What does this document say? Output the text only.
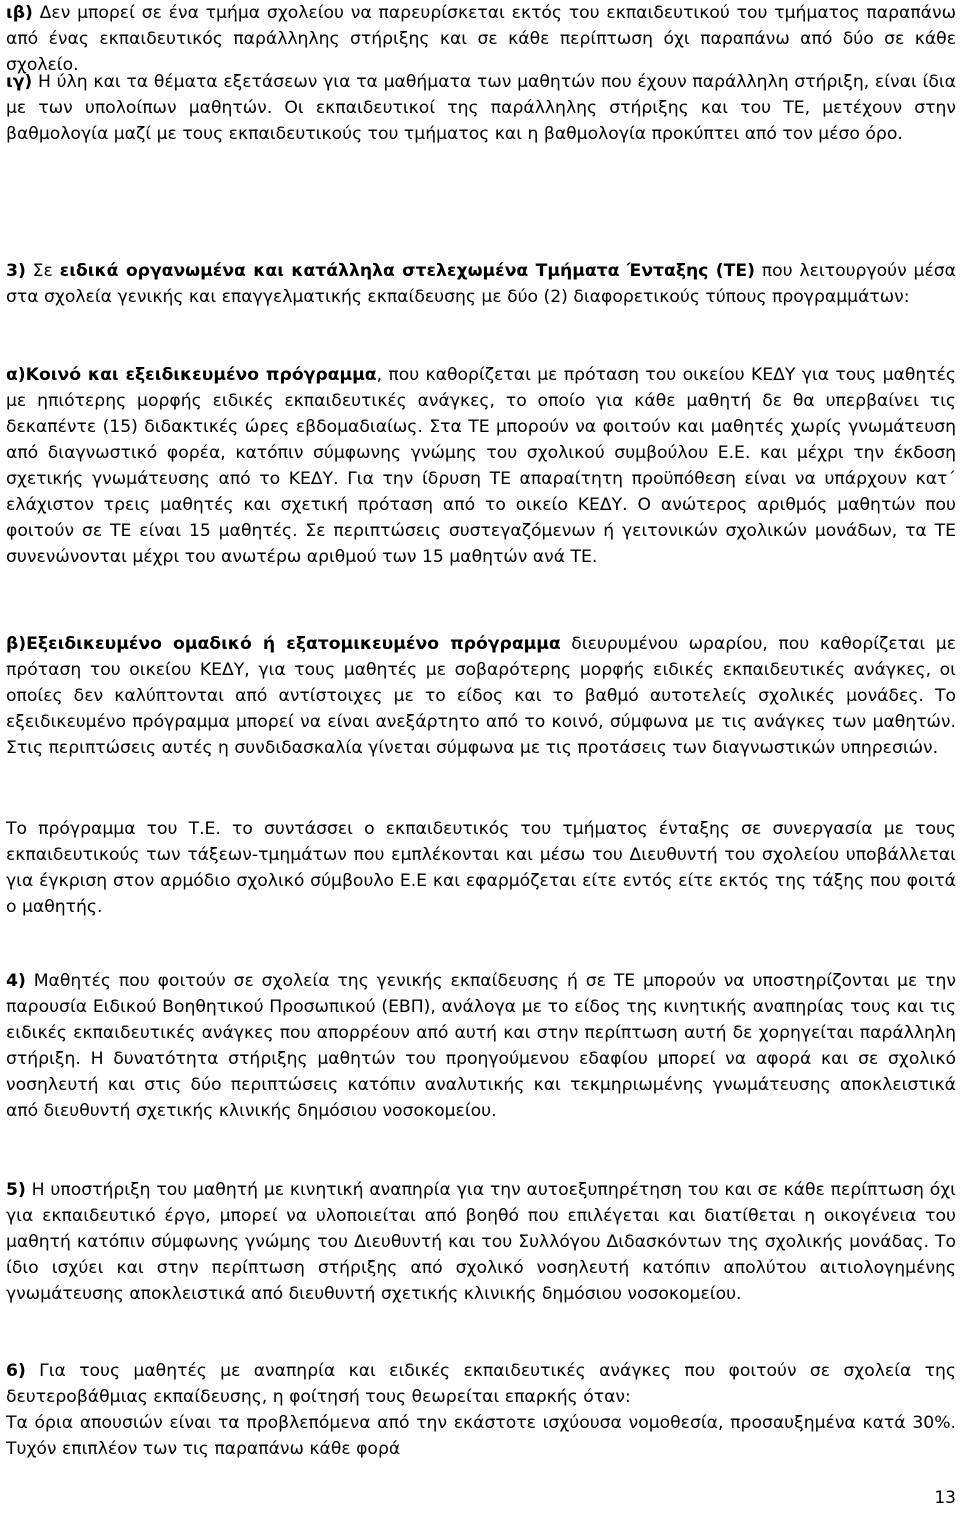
ιβ) Δεν μπορεί σε ένα τμήμα σχολείου να παρευρίσκεται εκτός του εκπαιδευτικού του τμήματος παραπάνω από ένας εκπαιδευτικός παράλληλης στήριξης και σε κάθε περίπτωση όχι παραπάνω από δύο σε κάθε σχολείο.

ιγ) Η ύλη και τα θέματα εξετάσεων για τα μαθήματα των μαθητών που έχουν παράλληλη στήριξη, είναι ίδια με των υπολοίπων μαθητών. Οι εκπαιδευτικοί της παράλληλης στήριξης και του ΤΕ, μετέχουν στην βαθμολογία μαζί με τους εκπαιδευτικούς του τμήματος και η βαθμολογία προκύπτει από τον μέσο όρο.

3) Σε ειδικά οργανωμένα και κατάλληλα στελεχωμένα Τμήματα Ένταξης (ΤΕ) που λειτουργούν μέσα στα σχολεία γενικής και επαγγελματικής εκπαίδευσης με δύο (2) διαφορετικούς τύπους προγραμμάτων:

α)Κοινό και εξειδικευμένο πρόγραμμα, που καθορίζεται με πρόταση του οικείου ΚΕΔΥ για τους μαθητές με ηπιότερης μορφής ειδικές εκπαιδευτικές ανάγκες, το οποίο για κάθε μαθητή δε θα υπερβαίνει τις δεκαπέντε (15) διδακτικές ώρες εβδομαδιαίως. Στα ΤΕ μπορούν να φοιτούν και μαθητές χωρίς γνωμάτευση από διαγνωστικό φορέα, κατόπιν σύμφωνης γνώμης του σχολικού συμβούλου Ε.Ε. και μέχρι την έκδοση σχετικής γνωμάτευσης από το ΚΕΔΥ. Για την ίδρυση ΤΕ απαραίτητη προϋπόθεση είναι να υπάρχουν κατ΄ ελάχιστον τρεις μαθητές και σχετική πρόταση από το οικείο ΚΕΔΥ. Ο ανώτερος αριθμός μαθητών που φοιτούν σε ΤΕ είναι 15 μαθητές. Σε περιπτώσεις συστεγαζόμενων ή γειτονικών σχολικών μονάδων, τα ΤΕ συνενώνονται μέχρι του ανωτέρω αριθμού των 15 μαθητών ανά ΤΕ.

β)Εξειδικευμένο ομαδικό ή εξατομικευμένο πρόγραμμα διευρυμένου ωραρίου, που καθορίζεται με πρόταση του οικείου ΚΕΔΥ, για τους μαθητές με σοβαρότερης μορφής ειδικές εκπαιδευτικές ανάγκες, οι οποίες δεν καλύπτονται από αντίστοιχες με το είδος και το βαθμό αυτοτελείς σχολικές μονάδες. Το εξειδικευμένο πρόγραμμα μπορεί να είναι ανεξάρτητο από το κοινό, σύμφωνα με τις ανάγκες των μαθητών. Στις περιπτώσεις αυτές η συνδιδασκαλία γίνεται σύμφωνα με τις προτάσεις των διαγνωστικών υπηρεσιών.

Το πρόγραμμα του Τ.Ε. το συντάσσει ο εκπαιδευτικός του τμήματος ένταξης σε συνεργασία με τους εκπαιδευτικούς των τάξεων-τμημάτων που εμπλέκονται και μέσω του Διευθυντή του σχολείου υποβάλλεται για έγκριση στον αρμόδιο σχολικό σύμβουλο Ε.Ε και εφαρμόζεται είτε εντός είτε εκτός της τάξης που φοιτά ο μαθητής.

4) Μαθητές που φοιτούν σε σχολεία της γενικής εκπαίδευσης ή σε ΤΕ μπορούν να υποστηρίζονται με την παρουσία Ειδικού Βοηθητικού Προσωπικού (ΕΒΠ), ανάλογα με το είδος της κινητικής αναπηρίας τους και τις ειδικές εκπαιδευτικές ανάγκες που απορρέουν από αυτή και στην περίπτωση αυτή δε χορηγείται παράλληλη στήριξη. Η δυνατότητα στήριξης μαθητών του προηγούμενου εδαφίου μπορεί να αφορά και σε σχολικό νοσηλευτή και στις δύο περιπτώσεις κατόπιν αναλυτικής και τεκμηριωμένης γνωμάτευσης αποκλειστικά από διευθυντή σχετικής κλινικής δημόσιου νοσοκομείου.

5) Η υποστήριξη του μαθητή με κινητική αναπηρία για την αυτοεξυπηρέτηση του και σε κάθε περίπτωση όχι για εκπαιδευτικό έργο, μπορεί να υλοποιείται από βοηθό που επιλέγεται και διατίθεται η οικογένεια του μαθητή κατόπιν σύμφωνης γνώμης του Διευθυντή και του Συλλόγου Διδασκόντων της σχολικής μονάδας. Το ίδιο ισχύει και στην περίπτωση στήριξης από σχολικό νοσηλευτή κατόπιν απολύτου αιτιολογημένης γνωμάτευσης αποκλειστικά από διευθυντή σχετικής κλινικής δημόσιου νοσοκομείου.

6) Για τους μαθητές με αναπηρία και ειδικές εκπαιδευτικές ανάγκες που φοιτούν σε σχολεία της δευτεροβάθμιας εκπαίδευσης, η φοίτησή τους θεωρείται επαρκής όταν:

Τα όρια απουσιών είναι τα προβλεπόμενα από την εκάστοτε ισχύουσα νομοθεσία, προσαυξημένα κατά 30%. Τυχόν επιπλέον των τις παραπάνω κάθε φορά

13
